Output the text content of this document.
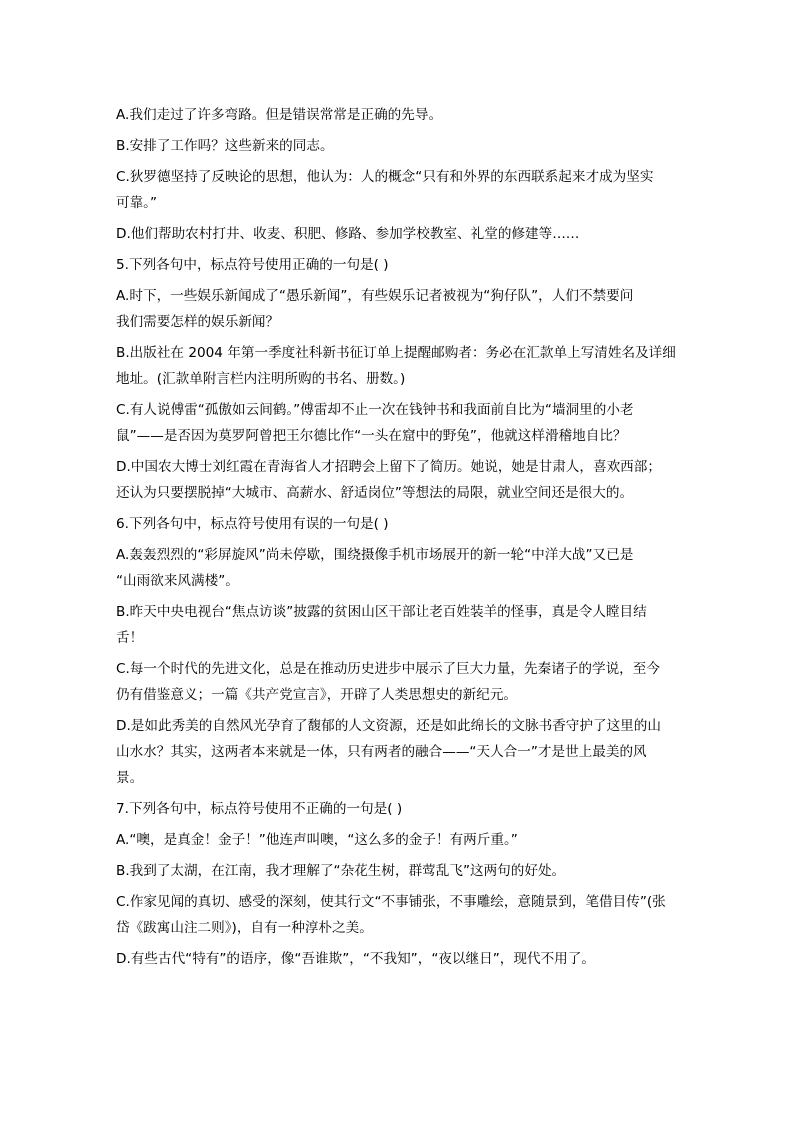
A.我们走过了许多弯路。但是错误常常是正确的先导。
B.安排了工作吗？这些新来的同志。
C.狄罗德坚持了反映论的思想，他认为：人的概念“只有和外界的东西联系起来才成为坚实
可靠。”
D.他们帮助农村打井、收麦、积肥、修路、参加学校教室、礼堂的修建等……
5.下列各句中，标点符号使用正确的一句是( )
A.时下，一些娱乐新闻成了“愚乐新闻”，有些娱乐记者被视为“狗仔队”，人们不禁要问
我们需要怎样的娱乐新闻？
B.出版社在 2004 年第一季度社科新书征订单上提醒邮购者：务必在汇款单上写清姓名及详细
地址。(汇款单附言栏内注明所购的书名、册数。)
C.有人说傅雷“孤傲如云间鹤。”傅雷却不止一次在钱钟书和我面前自比为“墙洞里的小老
鼠”——是否因为莫罗阿曾把王尔德比作“一头在窟中的野兔”，他就这样滑稽地自比？
D.中国农大博士刘红霞在青海省人才招聘会上留下了简历。她说，她是甘肃人，喜欢西部；
还认为只要摆脱掉“大城市、高薪水、舒适岗位”等想法的局限，就业空间还是很大的。
6.下列各句中，标点符号使用有误的一句是( )
A.轰轰烈烈的“彩屏旋风”尚未停歇，围绕摄像手机市场展开的新一轮“中洋大战”又已是
“山雨欲来风满楼”。
B.昨天中央电视台“焦点访谈”披露的贫困山区干部让老百姓装羊的怪事，真是令人瞠目结
舌！
C.每一个时代的先进文化，总是在推动历史进步中展示了巨大力量，先秦诸子的学说，至今
仍有借鉴意义；一篇《共产党宣言》，开辟了人类思想史的新纪元。
D.是如此秀美的自然风光孕育了馥郁的人文资源，还是如此绵长的文脉书香守护了这里的山
山水水？其实，这两者本来就是一体，只有两者的融合——“天人合一”才是世上最美的风
景。
7.下列各句中，标点符号使用不正确的一句是( )
A.“噢，是真金！金子！”他连声叫噢，“这么多的金子！有两斤重。”
B.我到了太湖，在江南，我才理解了“杂花生树，群莺乱飞”这两句的好处。
C.作家见闻的真切、感受的深刻，使其行文“不事铺张，不事雕绘，意随景到，笔借目传”(张
岱《跋寓山注二则》)，自有一种淳朴之美。
D.有些古代“特有”的语序，像“吾谁欺”，“不我知”，“夜以继日”，现代不用了。
